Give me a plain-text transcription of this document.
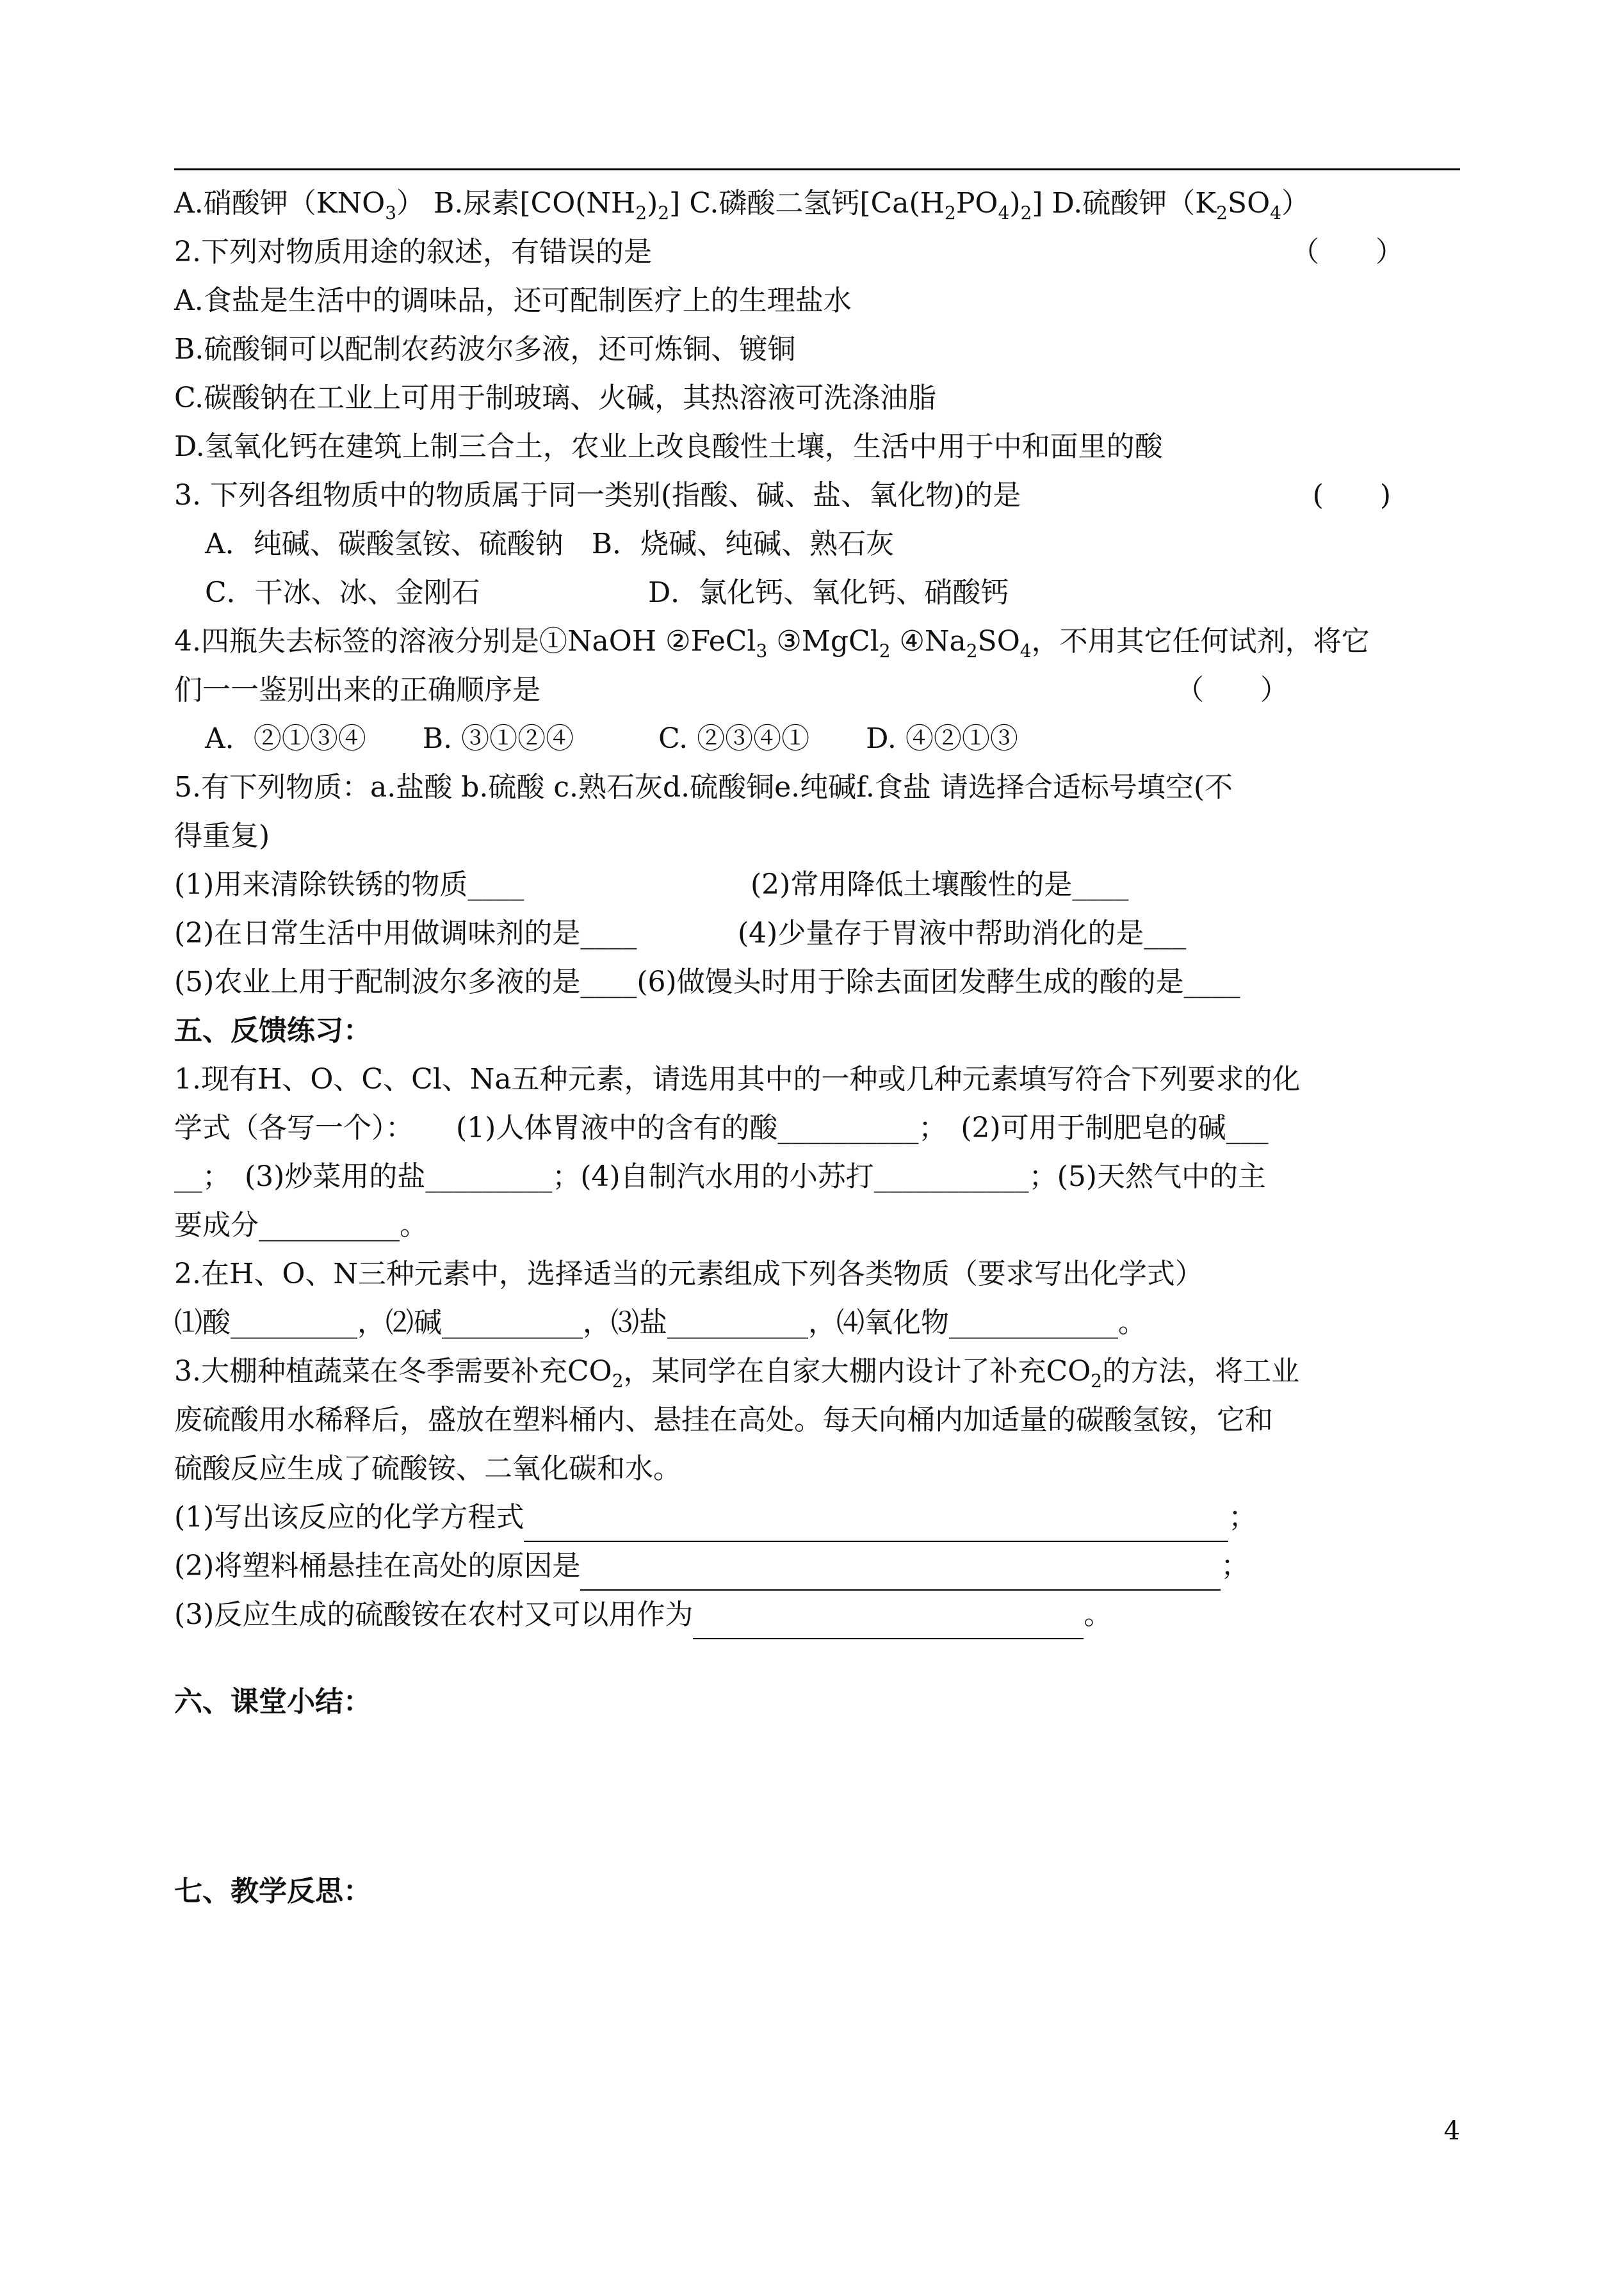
A.硝酸钾$(KNO_3)$ B.尿素$[CO(NH_2)_2]$ C.磷酸二氢钙$[Ca(H_2PO_4)_2]$ D.硫酸钾$(K_2SO_4)$
2.下列对物质用途的叙述，有错误的是	（　　）
A.食盐是生活中的调味品，还可配制医疗上的生理盐水
B.硫酸铜可以配制农药波尔多液，还可炼铜、镀铜
C.碳酸钠在工业上可用于制玻璃、火碱，其热溶液可洗涤油脂
D.氢氧化钙在建筑上制三合土，农业上改良酸性土壤，生活中用于中和面里的酸
3. 下列各组物质中的物质属于同一类别(指酸、碱、盐、氧化物)的是	(　　)
A．纯碱、碳酸氢铵、硫酸钠　B．烧碱、纯碱、熟石灰
C．干冰、冰、金刚石	D．氯化钙、氧化钙、硝酸钙
4.四瓶失去标签的溶液分别是①NaOH ②FeCl$_3$ ③MgCl$_2$ $④Na_2SO_4$，不用其它任何试剂，将它
们一一鉴别出来的正确顺序是	（　　）
A．②①③④　　B. ③①②④　　　C. ②③④①　　D. ④②①③
5.有下列物质：a.盐酸 b.硫酸 c.熟石灰d.硫酸铜e.纯碱f.食盐 请选择合适标号填空(不
得重复)
(1)用来清除铁锈的物质____	(2)常用降低土壤酸性的是____
(2)在日常生活中用做调味剂的是____	(4)少量存于胃液中帮助消化的是___
(5)农业上用于配制波尔多液的是____(6)做馒头时用于除去面团发酵生成的酸的是____
五、反馈练习：
1.现有H、O、C、Cl、Na五种元素，请选用其中的一种或几种元素填写符合下列要求的化
学式（各写一个）：　　(1)人体胃液中的含有的酸__________；　(2)可用于制肥皂的碱___
__；　(3)炒菜用的盐_________；(4)自制汽水用的小苏打___________；(5)天然气中的主
要成分__________。
2.在H、O、N三种元素中，选择适当的元素组成下列各类物质（要求写出化学式）
⑴酸_________，⑵碱__________，⑶盐__________，⑷氧化物____________。
3.大棚种植蔬菜在冬季需要补充$CO_2$，某同学在自家大棚内设计了补充$CO_2$的方法，将工业
废硫酸用水稀释后，盛放在塑料桶内、悬挂在高处。每天向桶内加适量的碳酸氢铵，它和
硫酸反应生成了硫酸铵、二氧化碳和水。
(1)写出该反应的化学方程式	；
(2)将塑料桶悬挂在高处的原因是	；
(3)反应生成的硫酸铵在农村又可以用作为	。
六、课堂小结：
七、教学反思：
4
